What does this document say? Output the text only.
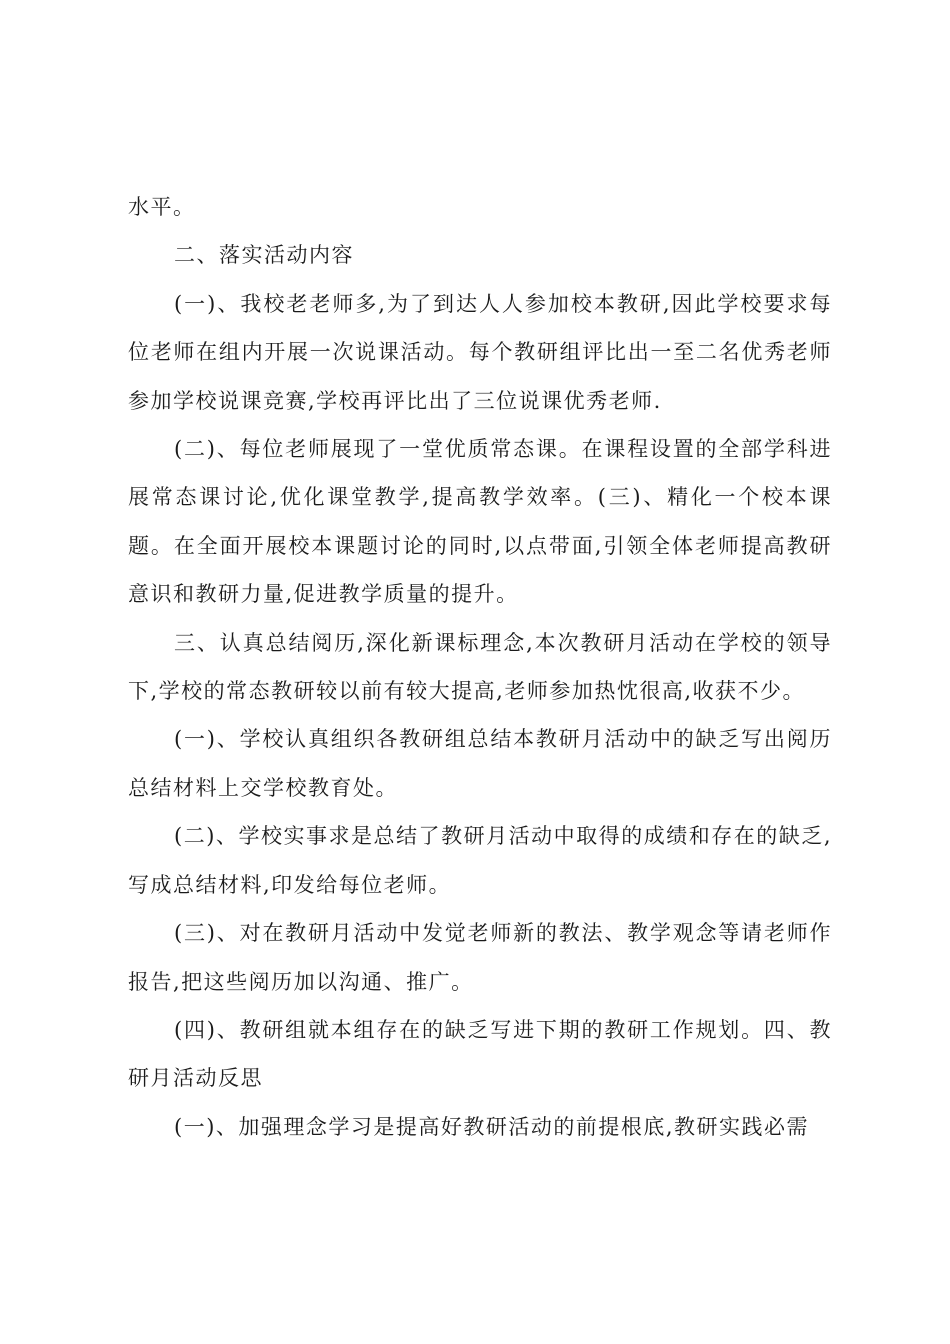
水平。

二、落实活动内容

(一)、我校老老师多,为了到达人人参加校本教研,因此学校要求每位老师在组内开展一次说课活动。每个教研组评比出一至二名优秀老师参加学校说课竞赛,学校再评比出了三位说课优秀老师.

(二)、每位老师展现了一堂优质常态课。在课程设置的全部学科进展常态课讨论,优化课堂教学,提高教学效率。(三)、精化一个校本课题。在全面开展校本课题讨论的同时,以点带面,引领全体老师提高教研意识和教研力量,促进教学质量的提升。

三、认真总结阅历,深化新课标理念,本次教研月活动在学校的领导下,学校的常态教研较以前有较大提高,老师参加热忱很高,收获不少。

(一)、学校认真组织各教研组总结本教研月活动中的缺乏写出阅历总结材料上交学校教育处。

(二)、学校实事求是总结了教研月活动中取得的成绩和存在的缺乏,写成总结材料,印发给每位老师。

(三)、对在教研月活动中发觉老师新的教法、教学观念等请老师作报告,把这些阅历加以沟通、推广。

(四)、教研组就本组存在的缺乏写进下期的教研工作规划。四、教研月活动反思

(一)、加强理念学习是提高好教研活动的前提根底,教研实践必需
